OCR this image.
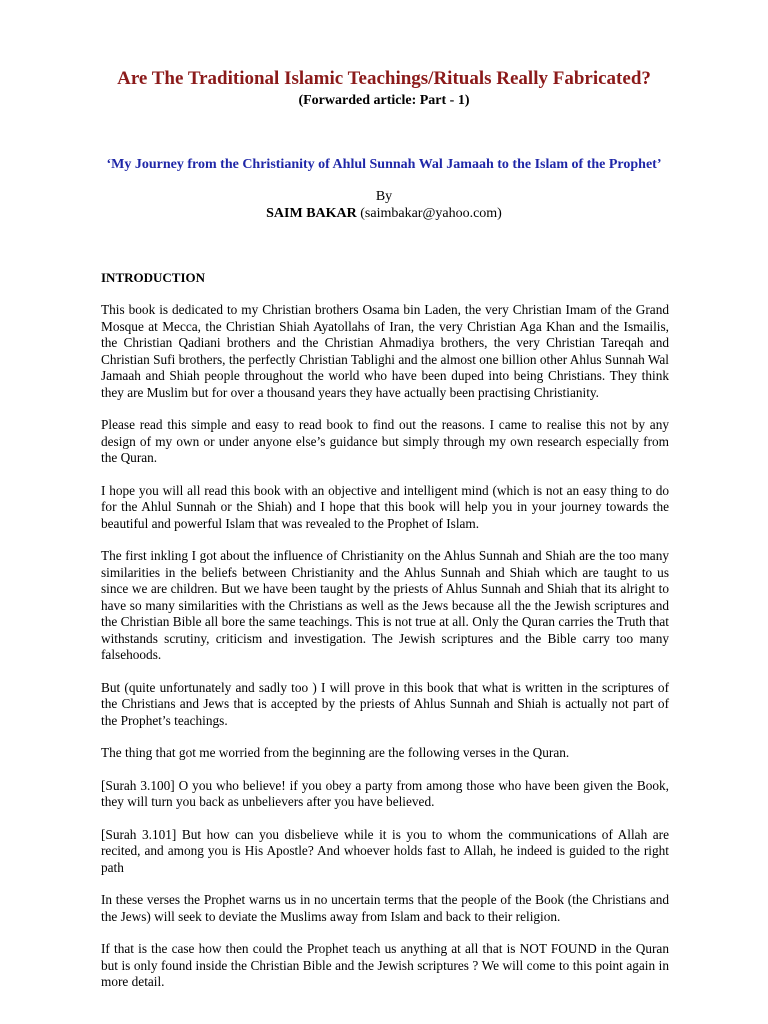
Are The Traditional Islamic Teachings/Rituals Really Fabricated?
(Forwarded article: Part - 1)
‘My Journey from the Christianity of Ahlul Sunnah Wal Jamaah to the Islam of the Prophet’
By
SAIM BAKAR (saimbakar@yahoo.com)
INTRODUCTION

This book is dedicated to my Christian brothers Osama bin Laden, the very Christian Imam of the Grand Mosque at Mecca, the Christian Shiah Ayatollahs of Iran, the very Christian Aga Khan and the Ismailis, the Christian Qadiani brothers and the Christian Ahmadiya brothers, the very Christian Tareqah and Christian Sufi brothers, the perfectly Christian Tablighi and the almost one billion other Ahlus Sunnah Wal Jamaah and Shiah people throughout the world who have been duped into being Christians. They think they are Muslim but for over a thousand years they have actually been practising Christianity.

Please read this simple and easy to read book to find out the reasons. I came to realise this not by any design of my own or under anyone else’s guidance but simply through my own research especially from the Quran.

I hope you will all read this book with an objective and intelligent mind (which is not an easy thing to do for the Ahlul Sunnah or the Shiah) and I hope that this book will help you in your journey towards the beautiful and powerful Islam that was revealed to the Prophet of Islam.

The first inkling I got about the influence of Christianity on the Ahlus Sunnah and Shiah are the too many similarities in the beliefs between Christianity and the Ahlus Sunnah and Shiah which are taught to us since we are children. But we have been taught by the priests of Ahlus Sunnah and Shiah that its alright to have so many similarities with the Christians as well as the Jews because all the the Jewish scriptures and the Christian Bible all bore the same teachings. This is not true at all. Only the Quran carries the Truth that withstands scrutiny, criticism and investigation. The Jewish scriptures and the Bible carry too many falsehoods.

But (quite unfortunately and sadly too ) I will prove in this book that what is written in the scriptures of the Christians and Jews that is accepted by the priests of Ahlus Sunnah and Shiah is actually not part of the Prophet’s teachings.

The thing that got me worried from the beginning are the following verses in the Quran.

[Surah 3.100] O you who believe! if you obey a party from among those who have been given the Book, they will turn you back as unbelievers after you have believed.

[Surah 3.101] But how can you disbelieve while it is you to whom the communications of Allah are recited, and among you is His Apostle? And whoever holds fast to Allah, he indeed is guided to the right path

In these verses the Prophet warns us in no uncertain terms that the people of the Book (the Christians and the Jews) will seek to deviate the Muslims away from Islam and back to their religion.

If that is the case how then could the Prophet teach us anything at all that is NOT FOUND in the Quran but is only found inside the Christian Bible and the Jewish scriptures ? We will come to this point again in more detail.
